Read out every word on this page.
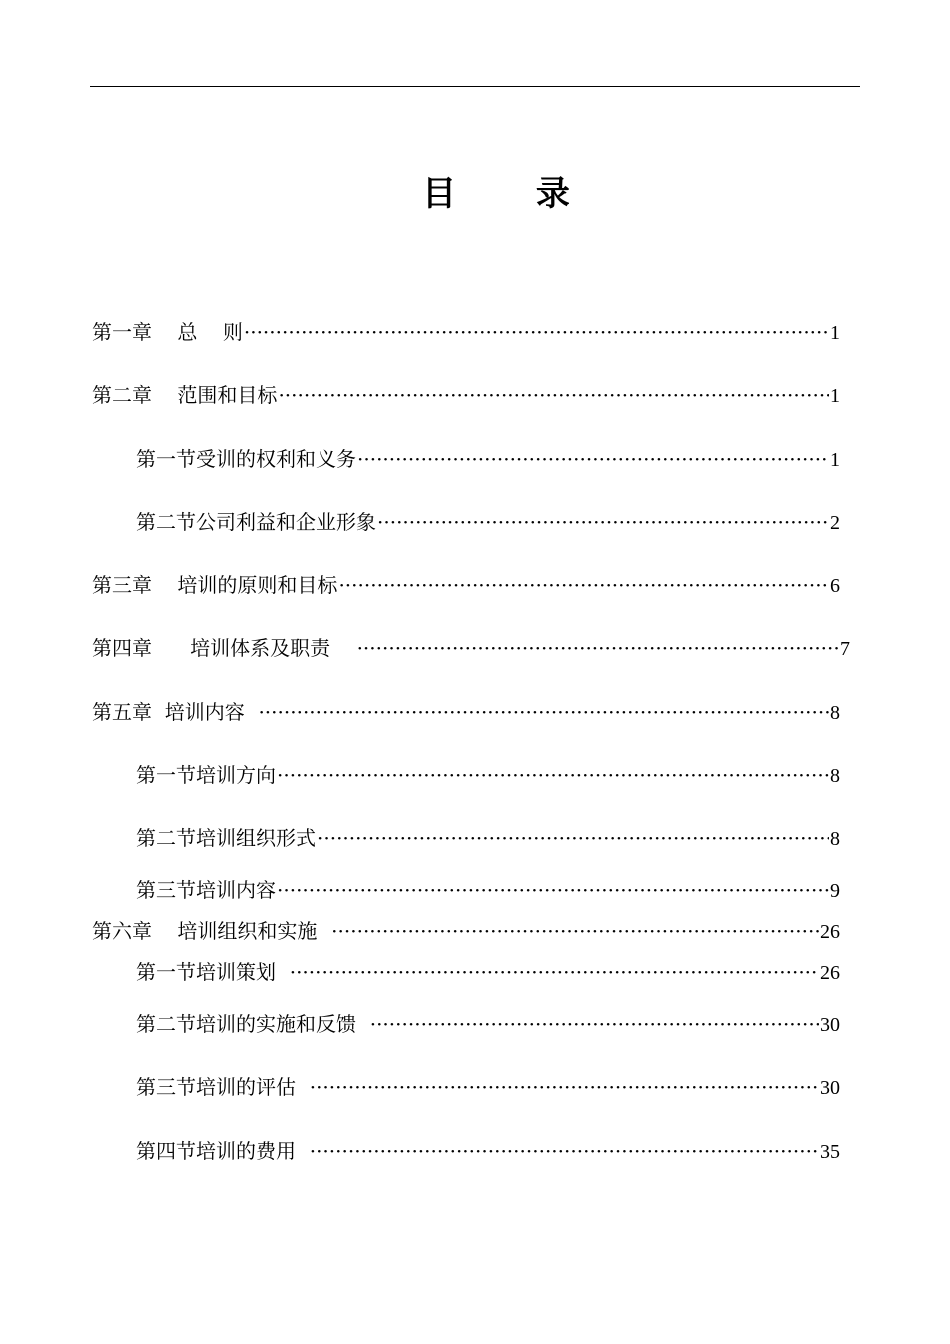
目 录
第一章    总    则 ·····	1
第二章    范围和目标 ·····	1
第一节受训的权利和义务 ·····	1
第二节公司利益和企业形象 ·····	2
第三章    培训的原则和目标 ·····	6
第四章      培训体系及职责 ·····	7
第五章  培训内容 ·····	8
第一节培训方向 ·····	8
第二节培训组织形式 ·····	8
第三节培训内容 ·····	9
第六章    培训组织和实施 ·····	26
第一节培训策划 ·····	26
第二节培训的实施和反馈 ·····	30
第三节培训的评估 ·····	30
第四节培训的费用 ·····	35
